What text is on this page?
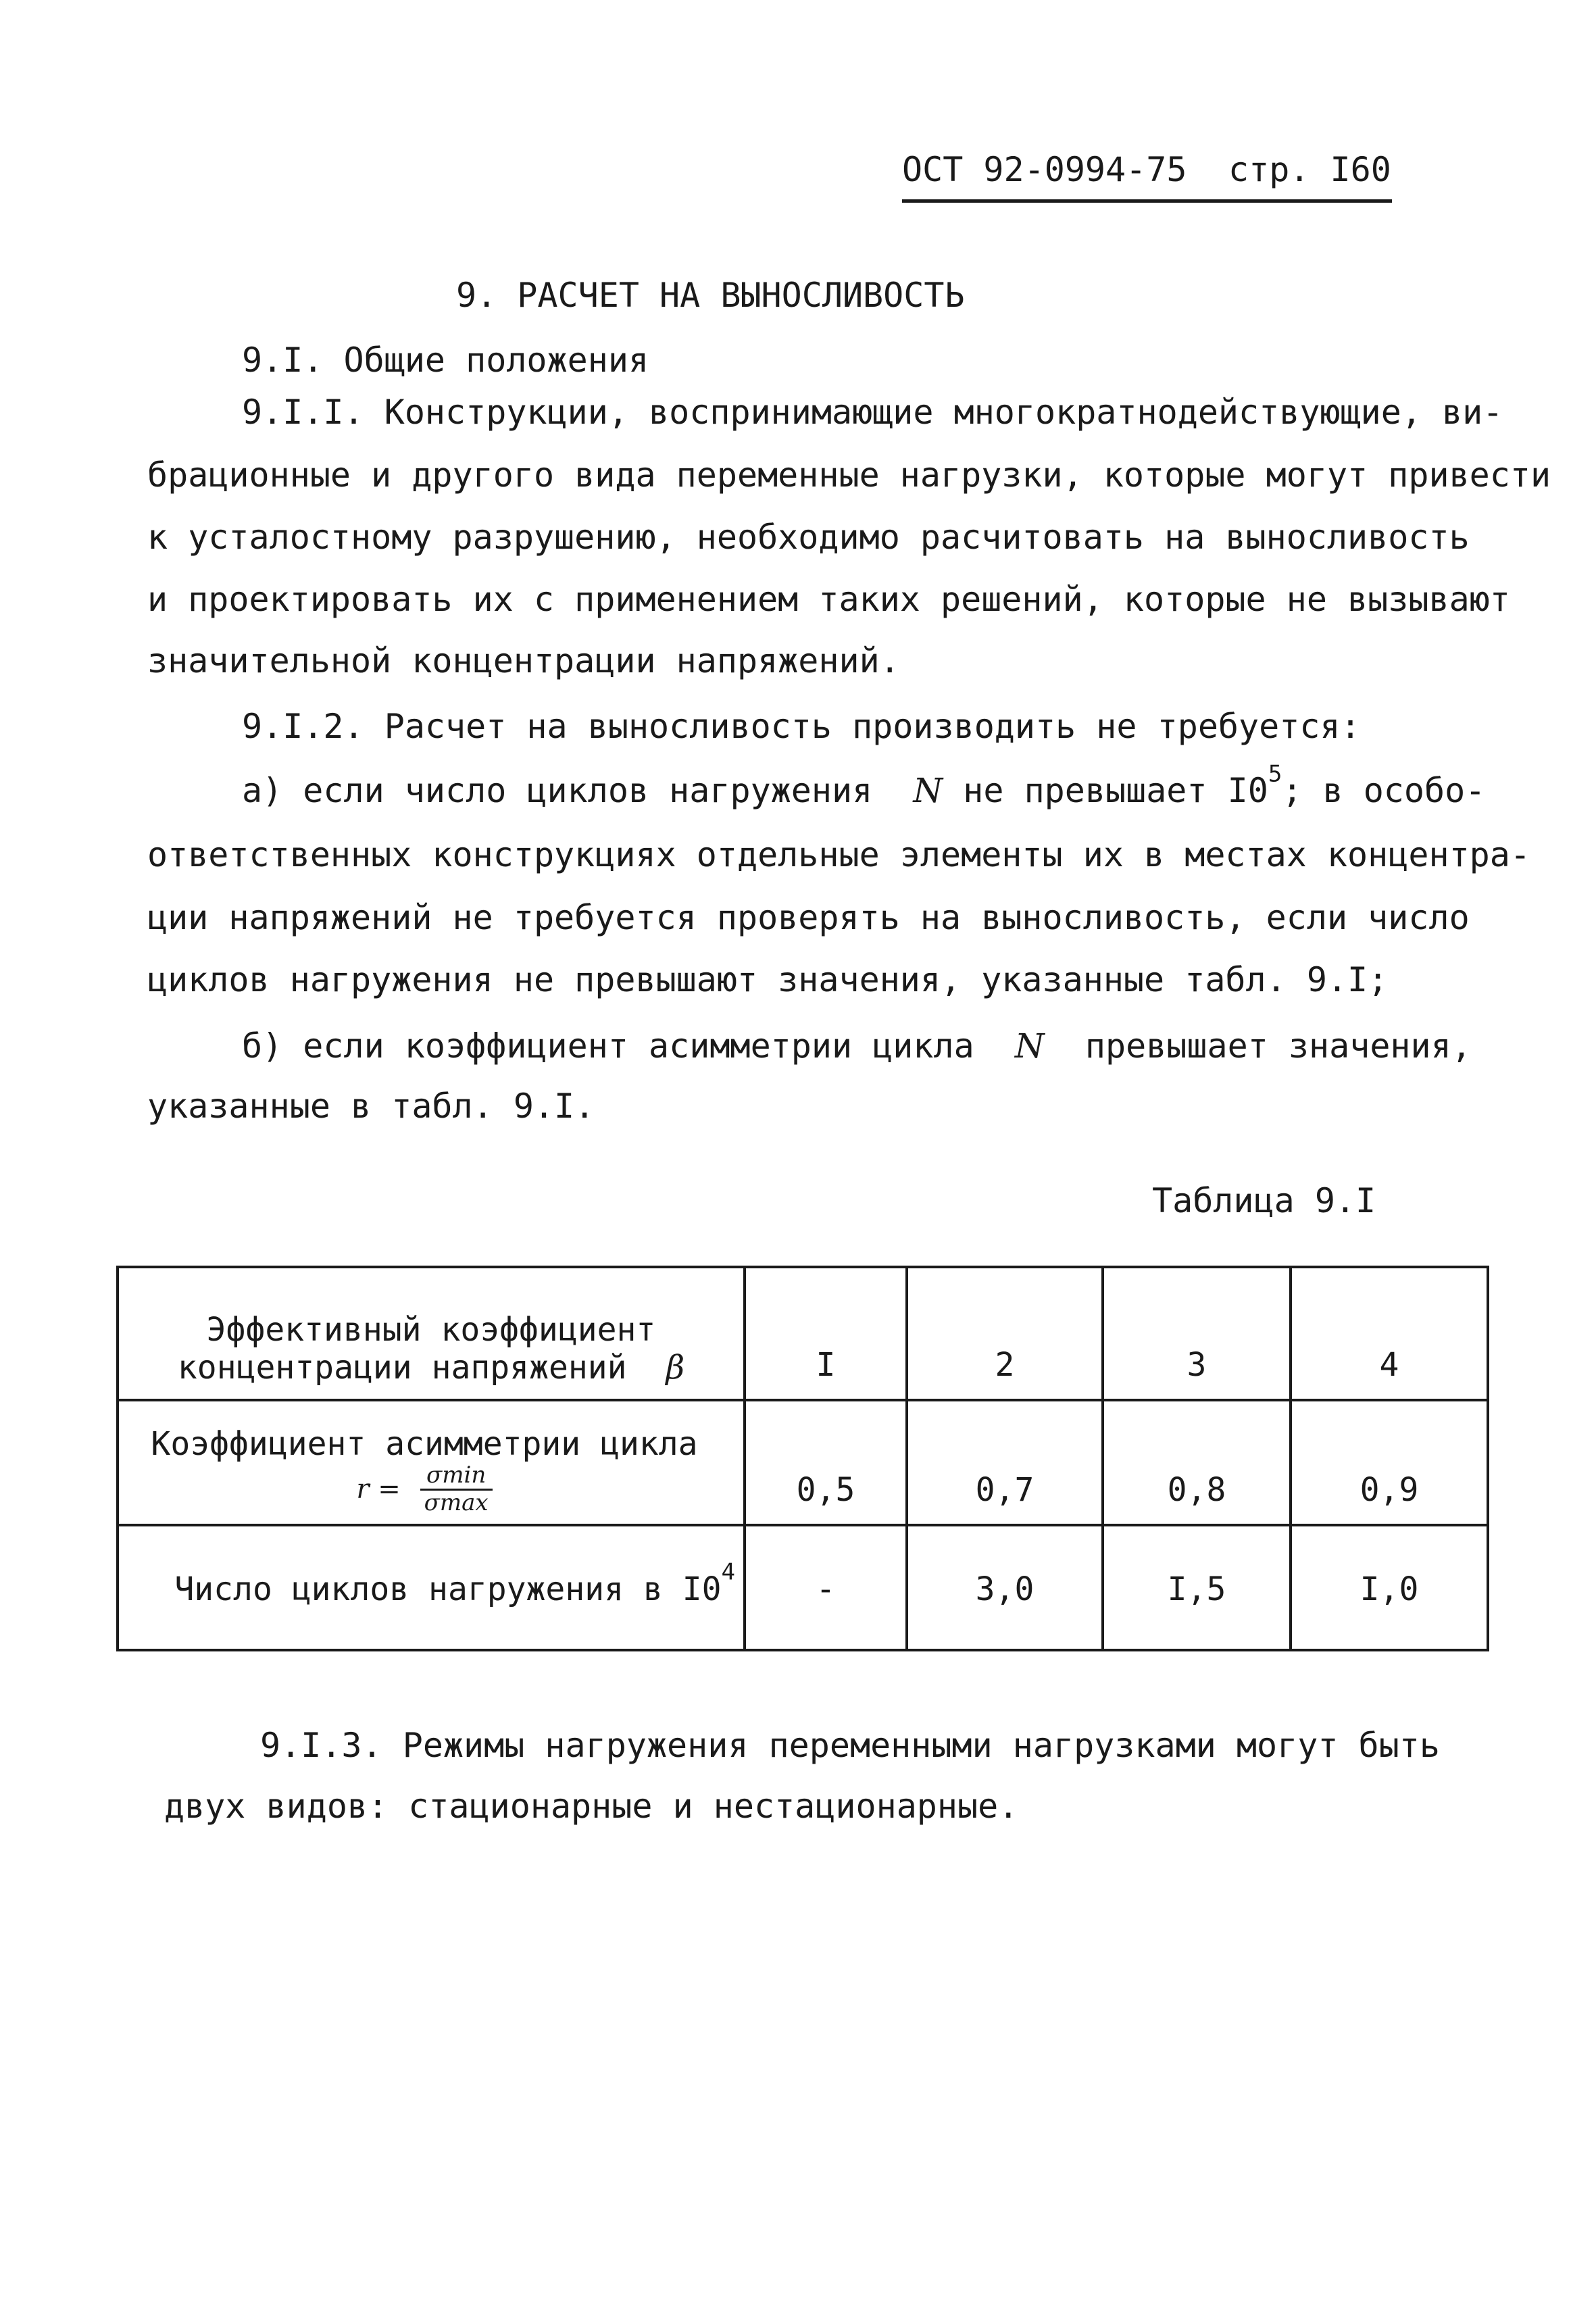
ОСТ 92-0994-75 стр. I60
9. РАСЧЕТ НА ВЫНОСЛИВОСТЬ
9.I. Общие положения
9.I.I. Конструкции, воспринимающие многократнодействующие, ви-
брационные и другого вида переменные нагрузки, которые могут привести
к усталостному разрушению, необходимо расчитовать на выносливость
и проектировать их с применением таких решений, которые не вызывают
значительной концентрации напряжений.
9.I.2. Расчет на выносливость производить не требуется:
а) если число циклов нагружения N не превышает $I0^5$; в особо-
ответственных конструкциях отдельные элементы их в местах концентра-
ции напряжений не требуется проверять на выносливость, если число
циклов нагружения не превышают значения, указанные табл. 9.I;
б) если коэффициент асимметрии цикла N превышает значения,
указанные в табл. 9.I.
Таблица 9.I
Эффективный коэффициент
концентрации напряжений β	I	2	3	4

Коэффициент асимметрии цикла
$r = \frac{\sigma\min}{\sigma\max}$	0,5	0,7	0,8	0,9
Число циклов нагружения в $I0^4$	-	3,0	I,5	I,0
9.I.3. Режимы нагружения переменными нагрузками могут быть
двух видов: стационарные и нестационарные.
